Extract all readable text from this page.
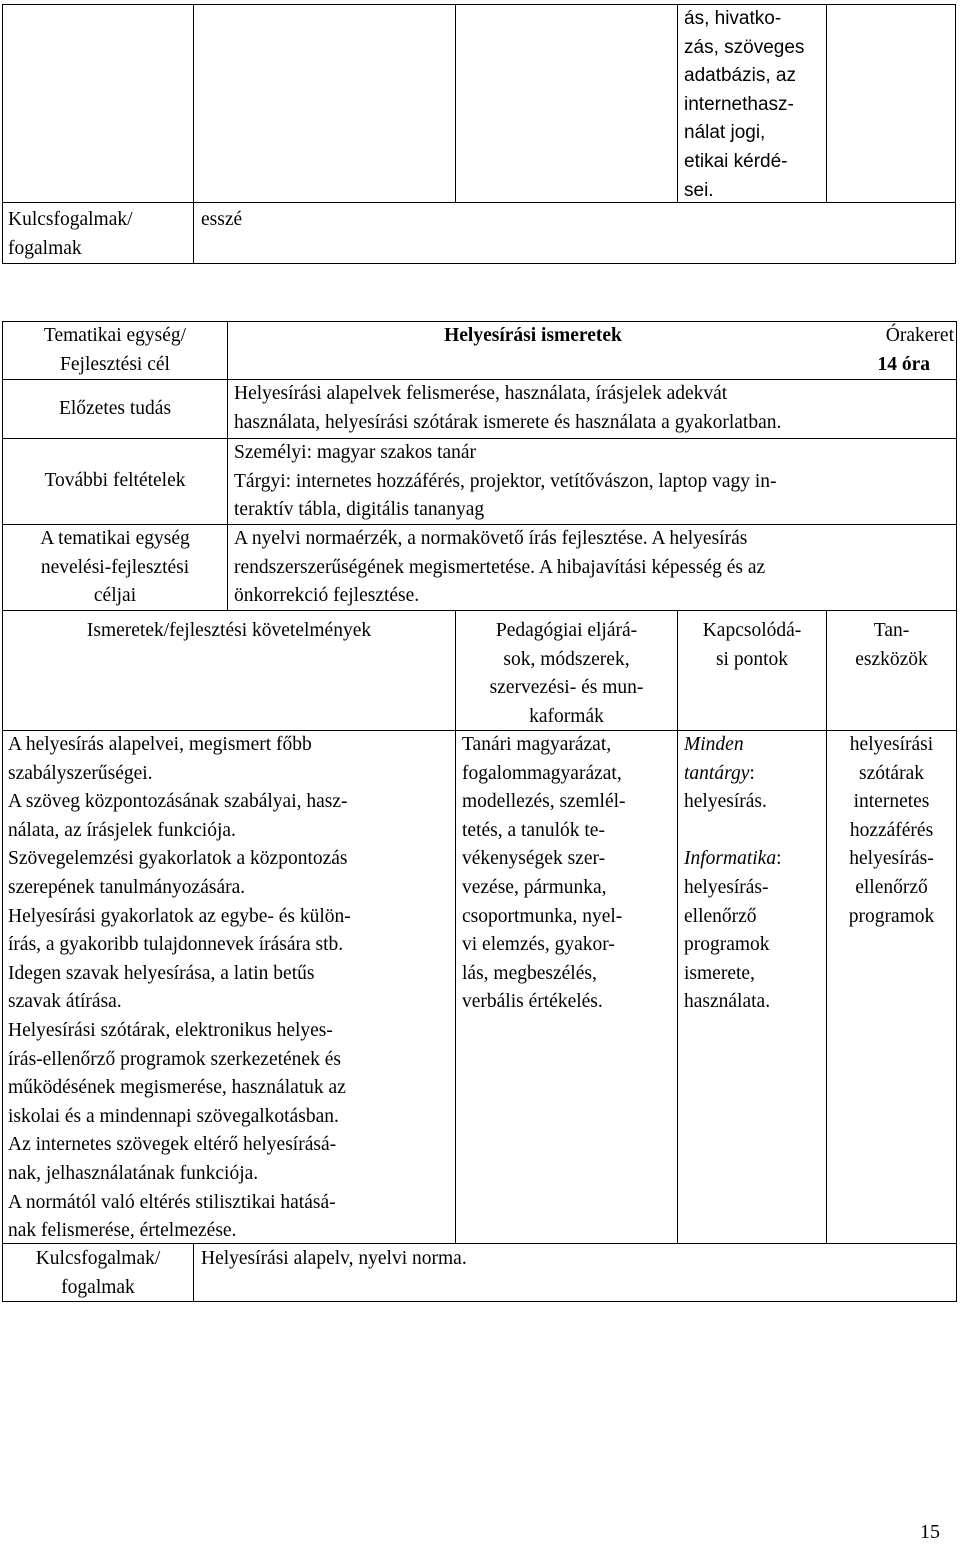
ás, hivatko-
zás, szöveges
adatbázis, az
internethasz-
nálat jogi,
etikai kérdé-
sei.
Kulcsfogalmak/
fogalmak
esszé
Tematikai egység/
Fejlesztési cél
Helyesírási ismeretek	Órakeret
14 óra
Előzetes tudás
Helyesírási alapelvek felismerése, használata, írásjelek adekvát
használata, helyesírási szótárak ismerete és használata a gyakorlatban.
További feltételek
Személyi: magyar szakos tanár
Tárgyi: internetes hozzáférés, projektor, vetítővászon, laptop vagy in-
teraktív tábla, digitális tananyag
A tematikai egység
nevelési-fejlesztési
céljai
A nyelvi normaérzék, a normakövető írás fejlesztése. A helyesírás
rendszerszerűségének megismertetése. A hibajavítási képesség és az
önkorrekció fejlesztése.
Ismeretek/fejlesztési követelmények	Pedagógiai eljárá-
sok, módszerek,
szervezési- és mun-
kaformák
Kapcsolódá-
si pontok
Tan-
eszközök
A helyesírás alapelvei, megismert főbb
szabályszerűségei.
A szöveg központozásának szabályai, hasz-
nálata, az írásjelek funkciója.
Szövegelemzési gyakorlatok a központozás
szerepének tanulmányozására.
Helyesírási gyakorlatok az egybe- és külön-
írás, a gyakoribb tulajdonnevek írására stb.
Idegen szavak helyesírása, a latin betűs
szavak átírása.
Helyesírási szótárak, elektronikus helyes-
írás-ellenőrző programok szerkezetének és
működésének megismerése, használatuk az
iskolai és a mindennapi szövegalkotásban.
Az internetes szövegek eltérő helyesírásá-
nak, jelhasználatának funkciója.
A normától való eltérés stilisztikai hatásá-
nak felismerése, értelmezése.
Tanári magyarázat,
fogalommagyarázat,
modellezés, szemlél-
tetés, a tanulók te-
vékenységek szer-
vezése, pármunka,
csoportmunka, nyel-
vi elemzés, gyakor-
lás, megbeszélés,
verbális értékelés.
Minden
tantárgy:
helyesírás.
Informatika:
helyesírás-
ellenőrző
programok
ismerete,
használata.
helyesírási
szótárak
internetes
hozzáférés
helyesírás-
ellenőrző
programok
Kulcsfogalmak/
fogalmak
Helyesírási alapelv, nyelvi norma.
15
